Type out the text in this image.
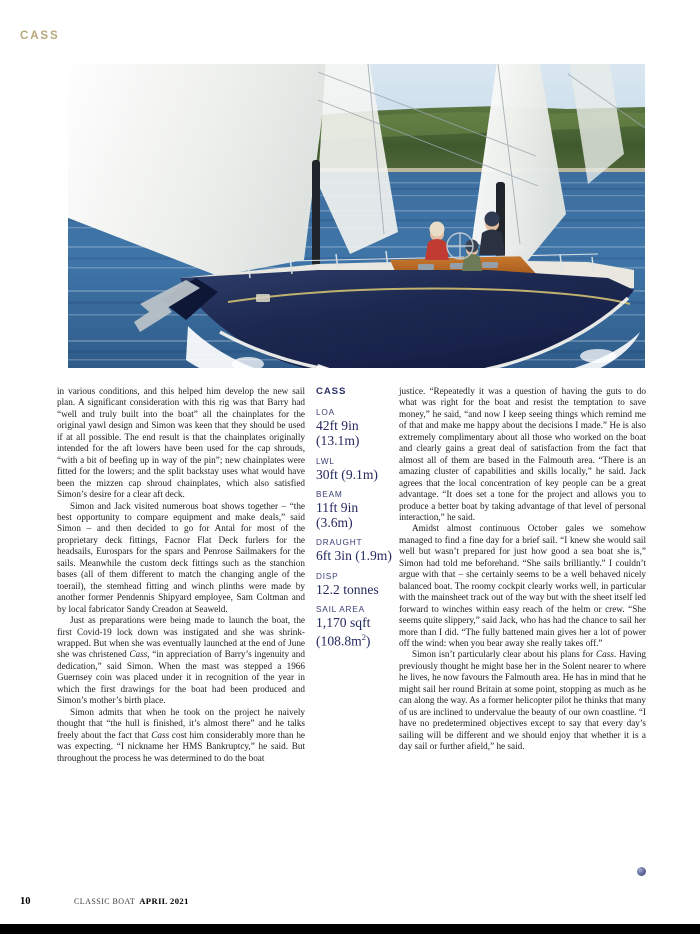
CASS

in various conditions, and this helped him develop the new sail plan. A significant consideration with this rig was that Barry had “well and truly built into the boat” all the chainplates for the original yawl design and Simon was keen that they should be used if at all possible. The end result is that the chainplates originally intended for the aft lowers have been used for the cap shrouds, “with a bit of beefing up in way of the pin”; new chainplates were fitted for the lowers; and the split backstay uses what would have been the mizzen cap shroud chainplates, which also satisfied Simon’s desire for a clear aft deck.

Simon and Jack visited numerous boat shows together – “the best opportunity to compare equipment and make deals,” said Simon – and then decided to go for Antal for most of the proprietary deck fittings, Facnor Flat Deck furlers for the headsails, Eurospars for the spars and Penrose Sailmakers for the sails. Meanwhile the custom deck fittings such as the stanchion bases (all of them different to match the changing angle of the toerail), the stemhead fitting and winch plinths were made by another former Pendennis Shipyard employee, Sam Coltman and by local fabricator Sandy Creadon at Seaweld.

Just as preparations were being made to launch the boat, the first Covid-19 lock down was instigated and she was shrink-wrapped. But when she was eventually launched at the end of June she was christened Cass, “in appreciation of Barry’s ingenuity and dedication,” said Simon. When the mast was stepped a 1966 Guernsey coin was placed under it in recognition of the year in which the first drawings for the boat had been produced and Simon’s mother’s birth place.

Simon admits that when he took on the project he naively thought that “the hull is finished, it’s almost there” and he talks freely about the fact that Cass cost him considerably more than he was expecting. “I nickname her HMS Bankruptcy,” he said. But throughout the process he was determined to do the boat

CASS
LOA
42ft 9in (13.1m)
LWL
30ft (9.1m)
BEAM
11ft 9in (3.6m)
DRAUGHT
6ft 3in (1.9m)
DISP
12.2 tonnes
SAIL AREA
1,170 sqft $(108.8m^2)$

justice. “Repeatedly it was a question of having the guts to do what was right for the boat and resist the temptation to save money,” he said, “and now I keep seeing things which remind me of that and make me happy about the decisions I made.” He is also extremely complimentary about all those who worked on the boat and clearly gains a great deal of satisfaction from the fact that almost all of them are based in the Falmouth area. “There is an amazing cluster of capabilities and skills locally,” he said. Jack agrees that the local concentration of key people can be a great advantage. “It does set a tone for the project and allows you to produce a better boat by taking advantage of that level of personal interaction,” he said.

Amidst almost continuous October gales we somehow managed to find a fine day for a brief sail. “I knew she would sail well but wasn’t prepared for just how good a sea boat she is,” Simon had told me beforehand. “She sails brilliantly.” I couldn’t argue with that – she certainly seems to be a well behaved nicely balanced boat. The roomy cockpit clearly works well, in particular with the mainsheet track out of the way but with the sheet itself led forward to winches within easy reach of the helm or crew. “She seems quite slippery,” said Jack, who has had the chance to sail her more than I did. “The fully battened main gives her a lot of power off the wind: when you bear away she really takes off.”

Simon isn’t particularly clear about his plans for Cass. Having previously thought he might base her in the Solent nearer to where he lives, he now favours the Falmouth area. He has in mind that he might sail her round Britain at some point, stopping as much as he can along the way. As a former helicopter pilot he thinks that many of us are inclined to undervalue the beauty of our own coastline. “I have no predetermined objectives except to say that every day’s sailing will be different and we should enjoy that whether it is a day sail or further afield,” he said.

10	CLASSIC BOAT APRIL 2021
